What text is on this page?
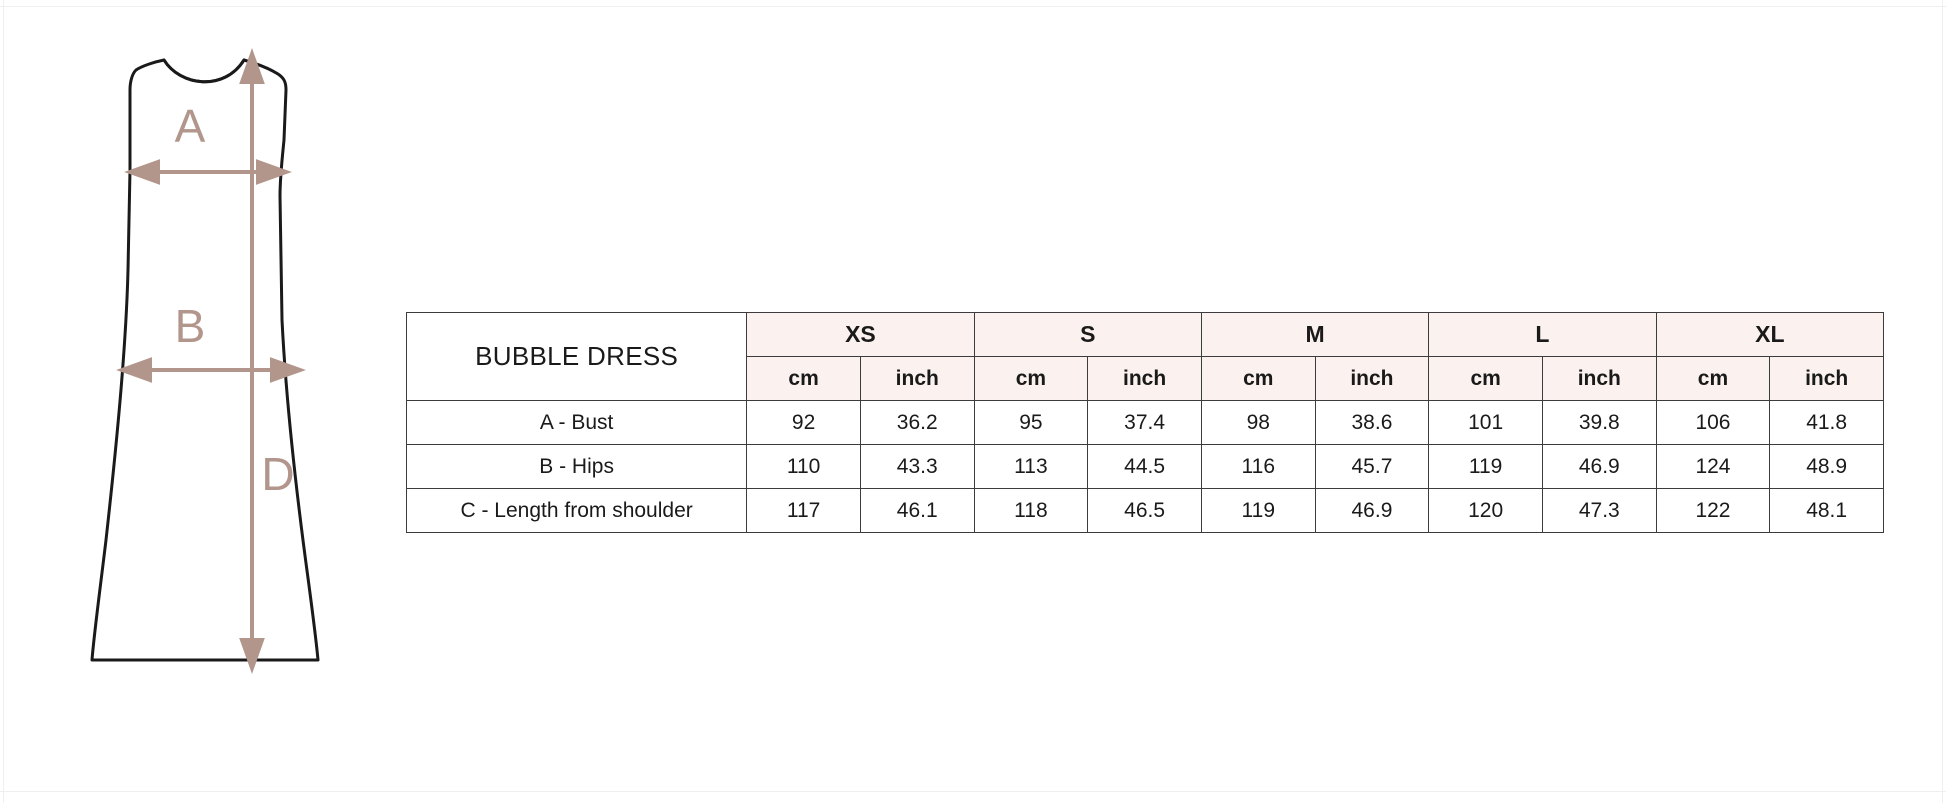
A
B
D
BUBBLE DRESS	XS		S		M		L		XL	
	cm	inch	cm	inch	cm	inch	cm	inch	cm	inch
A - Bust	92	36.2	95	37.4	98	38.6	101	39.8	106	41.8
B - Hips	110	43.3	113	44.5	116	45.7	119	46.9	124	48.9
C - Length from shoulder	117	46.1	118	46.5	119	46.9	120	47.3	122	48.1
